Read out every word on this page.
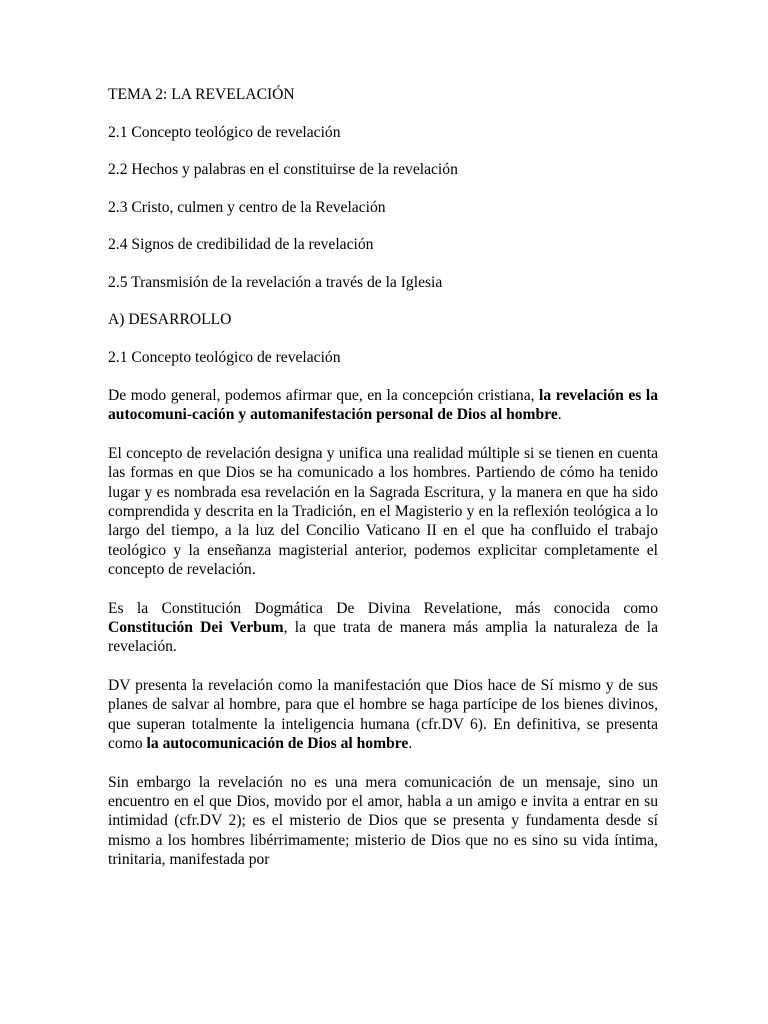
TEMA 2: LA REVELACIÓN
2.1 Concepto teológico de revelación
2.2 Hechos y palabras en el constituirse de la revelación
2.3 Cristo, culmen y centro de la Revelación
2.4 Signos de credibilidad de la revelación
2.5 Transmisión de la revelación a través de la Iglesia
A) DESARROLLO
2.1 Concepto teológico de revelación

De modo general, podemos afirmar que, en la concepción cristiana, la revelación es la autocomuni-cación y automanifestación personal de Dios al hombre.

El concepto de revelación designa y unifica una realidad múltiple si se tienen en cuenta las formas en que Dios se ha comunicado a los hombres. Partiendo de cómo ha tenido lugar y es nombrada esa revelación en la Sagrada Escritura, y la manera en que ha sido comprendida y descrita en la Tradición, en el Magisterio y en la reflexión teológica a lo largo del tiempo, a la luz del Concilio Vaticano II en el que ha confluido el trabajo teológico y la enseñanza magisterial anterior, podemos explicitar completamente el concepto de revelación.

Es la Constitución Dogmática De Divina Revelatione, más conocida como Constitución Dei Verbum, la que trata de manera más amplia la naturaleza de la revelación.

DV presenta la revelación como la manifestación que Dios hace de Sí mismo y de sus planes de salvar al hombre, para que el hombre se haga partícipe de los bienes divinos, que superan totalmente la inteligencia humana (cfr.DV 6). En definitiva, se presenta como la autocomunicación de Dios al hombre.

Sin embargo la revelación no es una mera comunicación de un mensaje, sino un encuentro en el que Dios, movido por el amor, habla a un amigo e invita a entrar en su intimidad (cfr.DV 2); es el misterio de Dios que se presenta y fundamenta desde sí mismo a los hombres libérrimamente; misterio de Dios que no es sino su vida íntima, trinitaria, manifestada por
